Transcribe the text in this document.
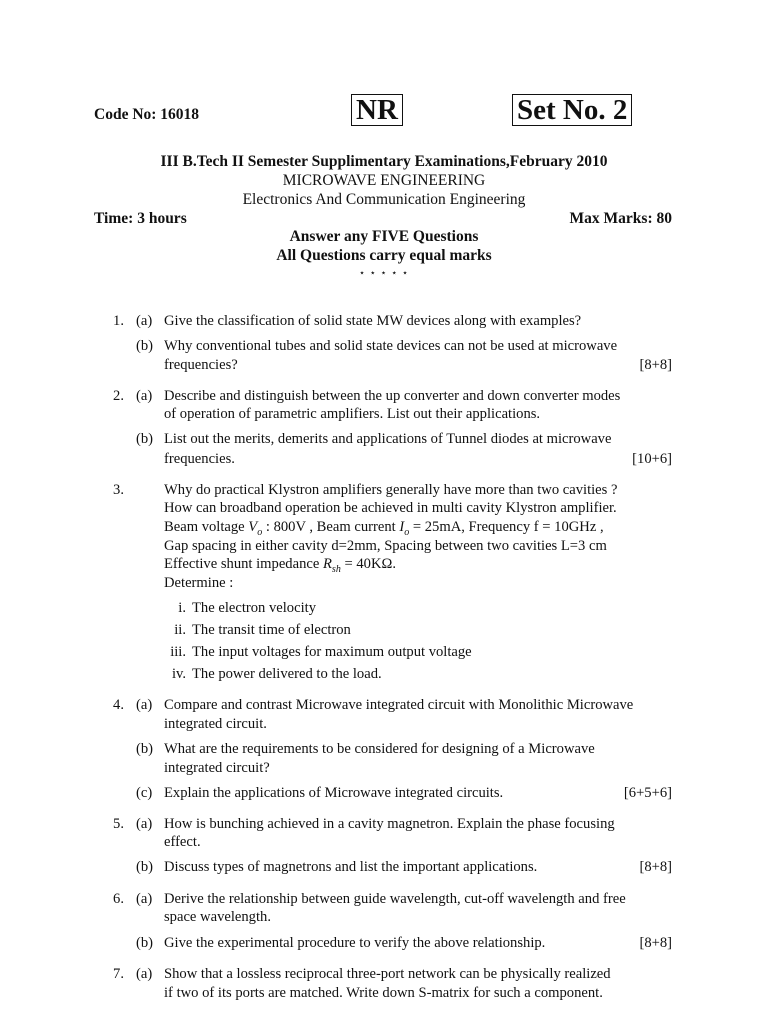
Code No: 16018	NR	Set No. 2
III B.Tech II Semester Supplimentary Examinations,February 2010
MICROWAVE ENGINEERING
Electronics And Communication Engineering
Time: 3 hours	Max Marks: 80
Answer any FIVE Questions
All Questions carry equal marks
⋆ ⋆ ⋆ ⋆ ⋆
1. (a) Give the classification of solid state MW devices along with examples?
(b) Why conventional tubes and solid state devices can not be used at microwave
frequencies?	[8+8]
2. (a) Describe and distinguish between the up converter and down converter modes
of operation of parametric amplifiers. List out their applications.
(b) List out the merits, demerits and applications of Tunnel diodes at microwave
frequencies.	[10+6]
3.	Why do practical Klystron amplifiers generally have more than two cavities ?
How can broadband operation be achieved in multi cavity Klystron amplifier.
Beam voltage $V_o$ : 800V , Beam current $I_o = 25mA$, Frequency f = 10GHz ,
Gap spacing in either cavity d=2mm, Spacing between two cavities L=3 cm
Effective shunt impedance $R_{sh} = 40K\Omega$.
Determine :
i. The electron velocity
ii. The transit time of electron
iii. The input voltages for maximum output voltage
iv. The power delivered to the load.
4. (a) Compare and contrast Microwave integrated circuit with Monolithic Microwave
integrated circuit.
(b) What are the requirements to be considered for designing of a Microwave
integrated circuit?
(c) Explain the applications of Microwave integrated circuits.	[6+5+6]
5. (a) How is bunching achieved in a cavity magnetron. Explain the phase focusing
effect.
(b) Discuss types of magnetrons and list the important applications.	[8+8]
6. (a) Derive the relationship between guide wavelength, cut-off wavelength and free
space wavelength.
(b) Give the experimental procedure to verify the above relationship.	[8+8]
7. (a) Show that a lossless reciprocal three-port network can be physically realized
if two of its ports are matched. Write down S-matrix for such a component.
